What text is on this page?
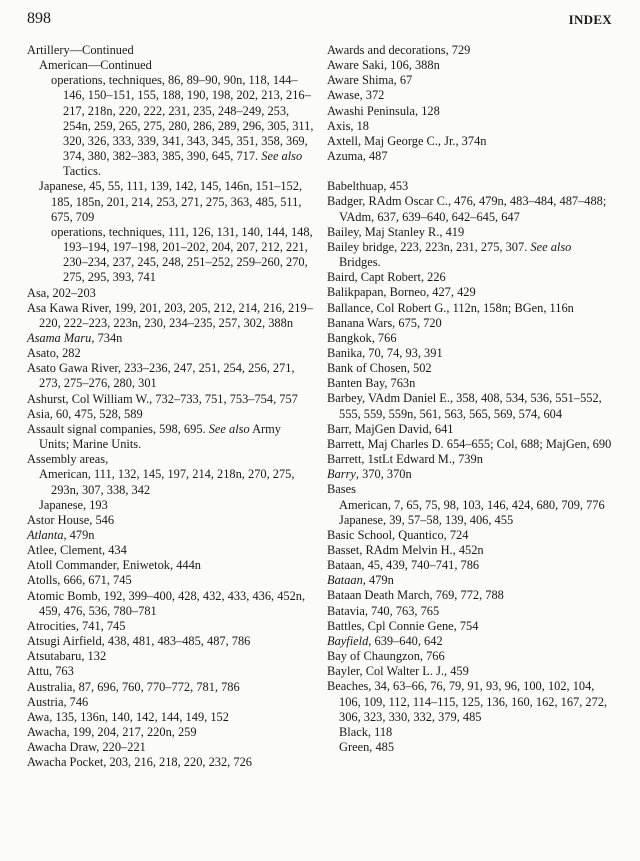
898	INDEX

Artillery—Continued

American—Continued

operations, techniques, 86, 89–90, 90n, 118, 144–146, 150–151, 155, 188, 190, 198, 202, 213, 216–217, 218n, 220, 222, 231, 235, 248–249, 253, 254n, 259, 265, 275, 280, 286, 289, 296, 305, 311, 320, 326, 333, 339, 341, 343, 345, 351, 358, 369, 374, 380, 382–383, 385, 390, 645, 717. See also Tactics.

Japanese, 45, 55, 111, 139, 142, 145, 146n, 151–152, 185, 185n, 201, 214, 253, 271, 275, 363, 485, 511, 675, 709

operations, techniques, 111, 126, 131, 140, 144, 148, 193–194, 197–198, 201–202, 204, 207, 212, 221, 230–234, 237, 245, 248, 251–252, 259–260, 270, 275, 295, 393, 741

Asa, 202–203

Asa Kawa River, 199, 201, 203, 205, 212, 214, 216, 219–220, 222–223, 223n, 230, 234–235, 257, 302, 388n

Asama Maru, 734n

Asato, 282

Asato Gawa River, 233–236, 247, 251, 254, 256, 271, 273, 275–276, 280, 301

Ashurst, Col William W., 732–733, 751, 753–754, 757

Asia, 60, 475, 528, 589

Assault signal companies, 598, 695. See also Army Units; Marine Units.

Assembly areas,

American, 111, 132, 145, 197, 214, 218n, 270, 275, 293n, 307, 338, 342

Japanese, 193

Astor House, 546

Atlanta, 479n

Atlee, Clement, 434

Atoll Commander, Eniwetok, 444n

Atolls, 666, 671, 745

Atomic Bomb, 192, 399–400, 428, 432, 433, 436, 452n, 459, 476, 536, 780–781

Atrocities, 741, 745

Atsugi Airfield, 438, 481, 483–485, 487, 786

Atsutabaru, 132

Attu, 763

Australia, 87, 696, 760, 770–772, 781, 786

Austria, 746

Awa, 135, 136n, 140, 142, 144, 149, 152

Awacha, 199, 204, 217, 220n, 259

Awacha Draw, 220–221

Awacha Pocket, 203, 216, 218, 220, 232, 726

Awards and decorations, 729

Aware Saki, 106, 388n

Aware Shima, 67

Awase, 372

Awashi Peninsula, 128

Axis, 18

Axtell, Maj George C., Jr., 374n

Azuma, 487

Babelthuap, 453

Badger, RAdm Oscar C., 476, 479n, 483–484, 487–488; VAdm, 637, 639–640, 642–645, 647

Bailey, Maj Stanley R., 419

Bailey bridge, 223, 223n, 231, 275, 307. See also Bridges.

Baird, Capt Robert, 226

Balikpapan, Borneo, 427, 429

Ballance, Col Robert G., 112n, 158n; BGen, 116n

Banana Wars, 675, 720

Bangkok, 766

Banika, 70, 74, 93, 391

Bank of Chosen, 502

Banten Bay, 763n

Barbey, VAdm Daniel E., 358, 408, 534, 536, 551–552, 555, 559, 559n, 561, 563, 565, 569, 574, 604

Barr, MajGen David, 641

Barrett, Maj Charles D. 654–655; Col, 688; MajGen, 690

Barrett, 1stLt Edward M., 739n

Barry, 370, 370n

Bases

American, 7, 65, 75, 98, 103, 146, 424, 680, 709, 776

Japanese, 39, 57–58, 139, 406, 455

Basic School, Quantico, 724

Basset, RAdm Melvin H., 452n

Bataan, 45, 439, 740–741, 786

Bataan, 479n

Bataan Death March, 769, 772, 788

Batavia, 740, 763, 765

Battles, Cpl Connie Gene, 754

Bayfield, 639–640, 642

Bay of Chaungzon, 766

Bayler, Col Walter L. J., 459

Beaches, 34, 63–66, 76, 79, 91, 93, 96, 100, 102, 104, 106, 109, 112, 114–115, 125, 136, 160, 162, 167, 272, 306, 323, 330, 332, 379, 485

Black, 118

Green, 485
